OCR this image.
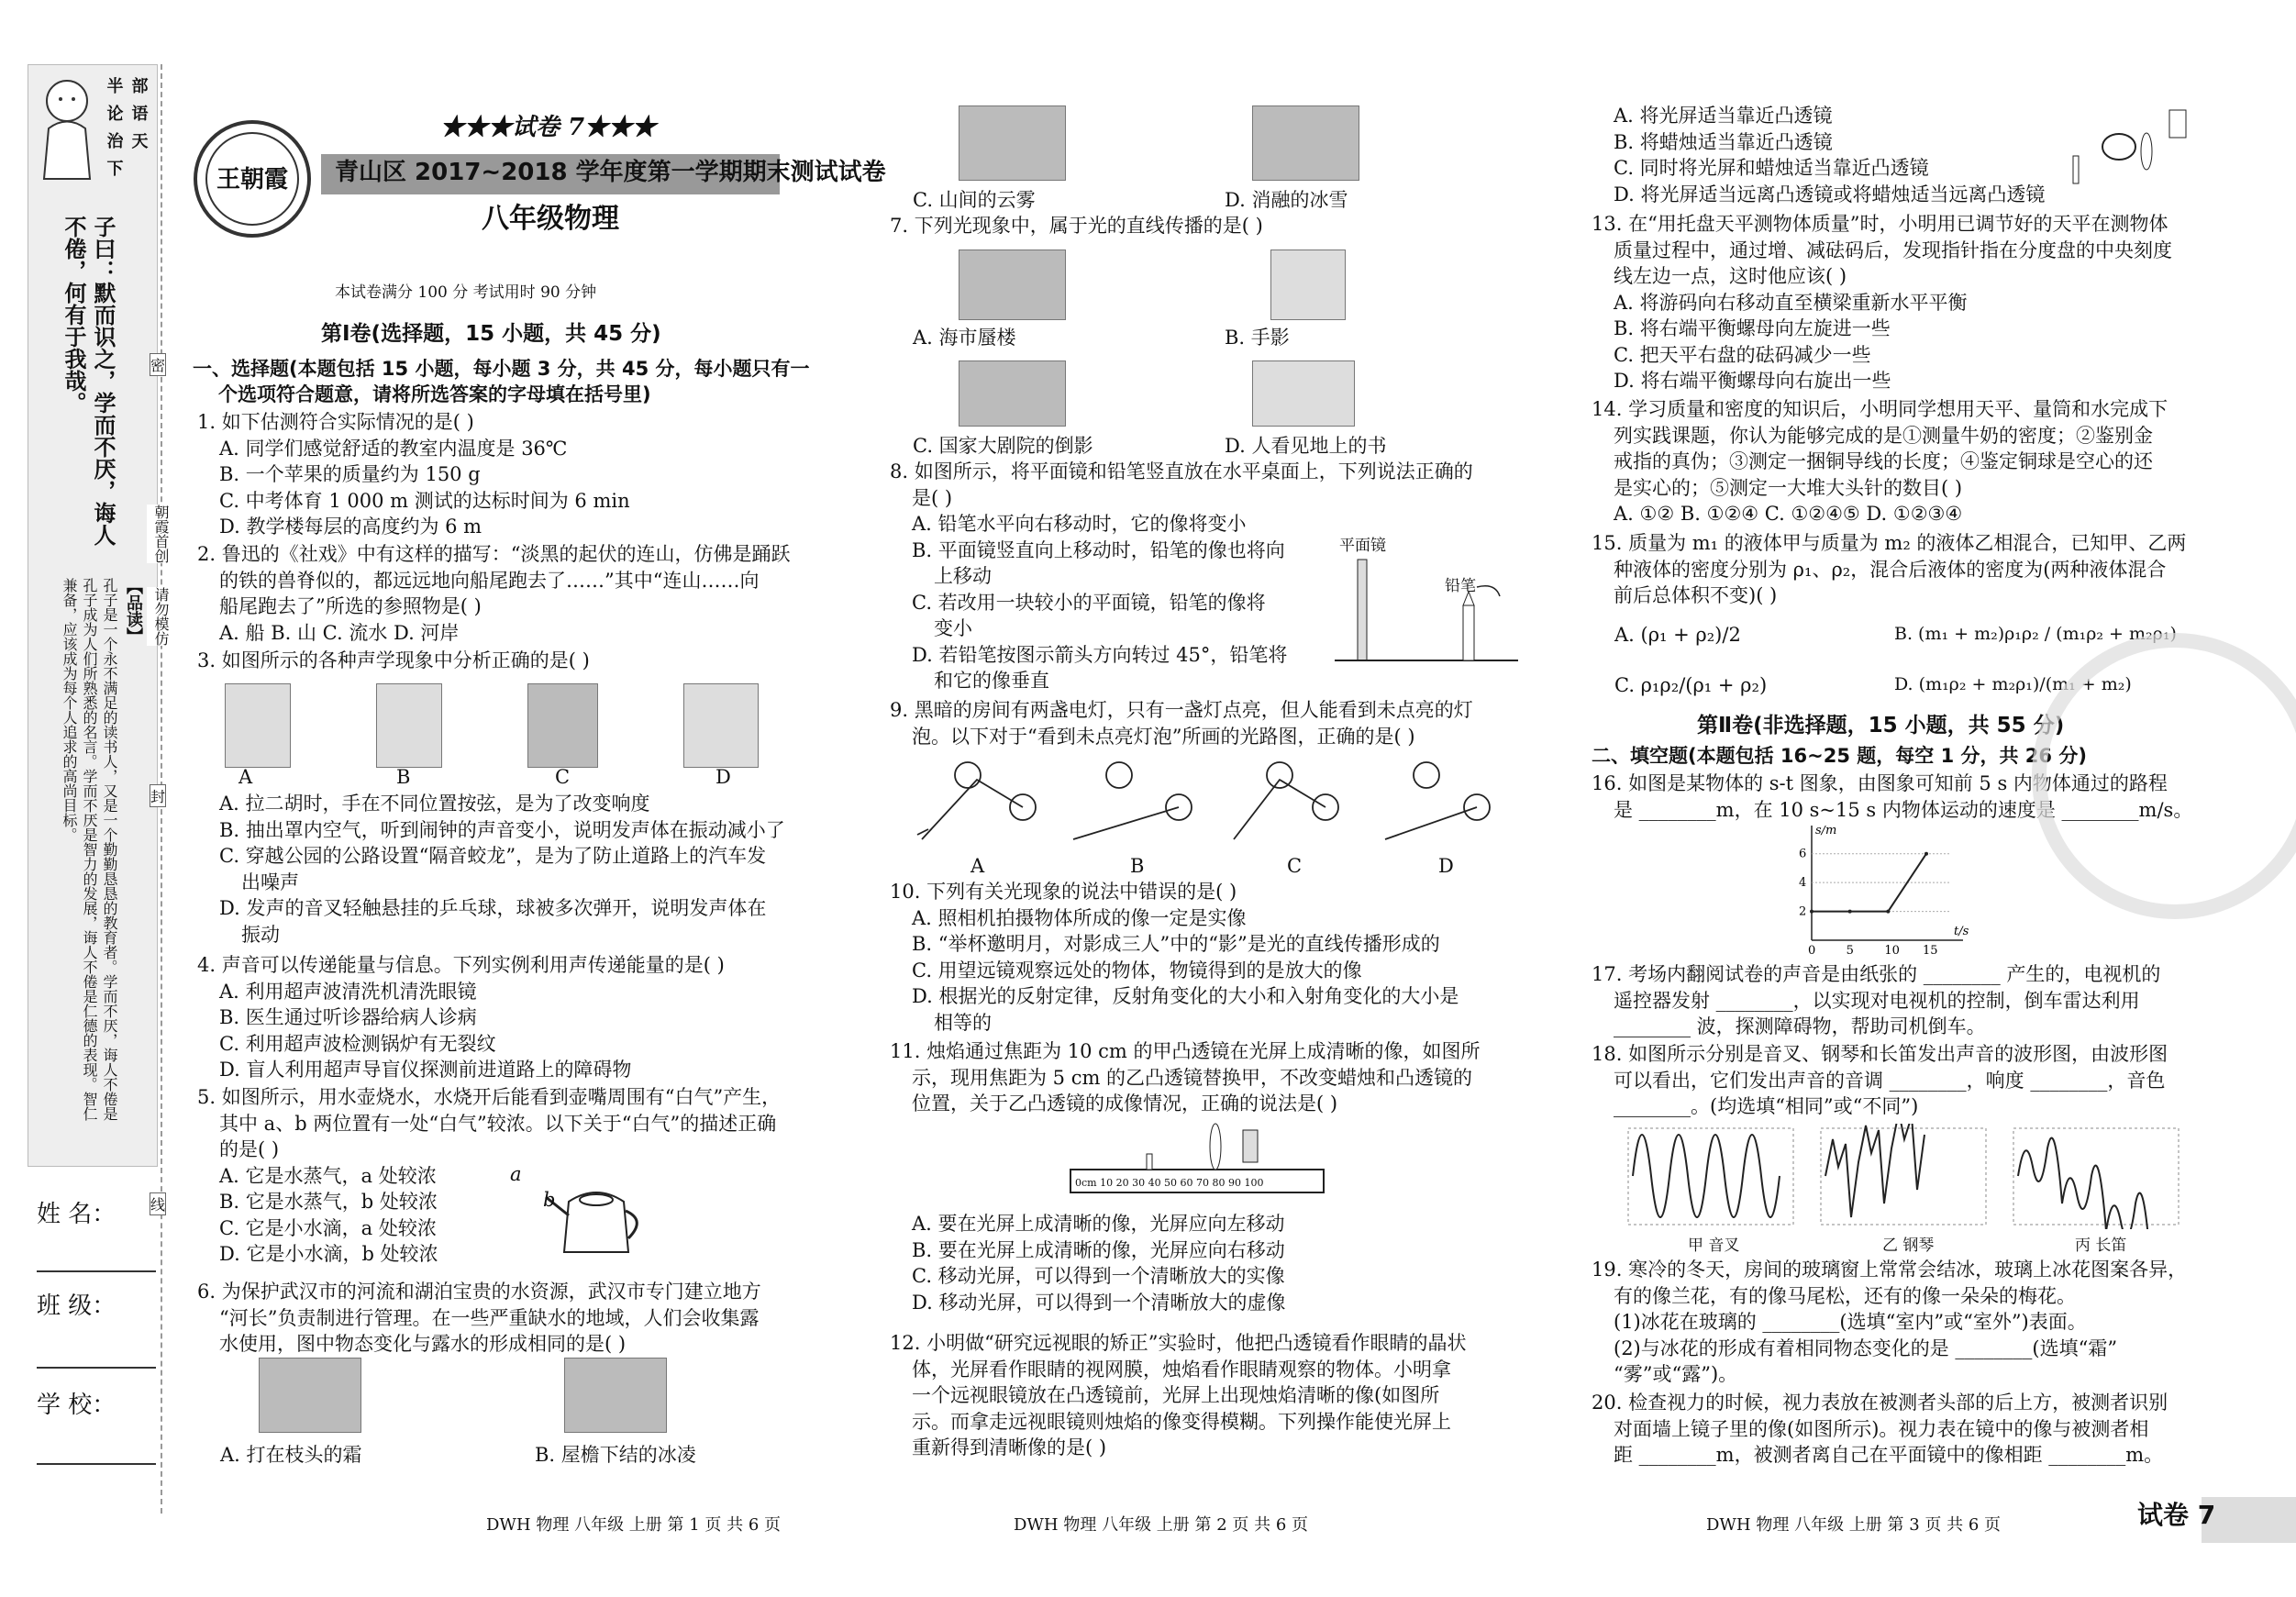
半 部
论 语
治 天
下
子曰：默而识之，学而不厌，诲人不倦，何有于我哉。
【品读】
孔子是一个永不满足的读书人，又是一个勤勤恳恳的教育者。学而不厌，诲人不倦是孔子成为人们所熟悉的名言。学而不厌是智力的发展，诲人不倦是仁德的表现。智仁兼备，应该成为每个人追求的高尚目标。
朝霞首创
请勿模仿
密
封
线
姓 名：
班 级：
学 校：
王朝霞
★★★试卷 7★★★
青山区 2017~2018 学年度第一学期期末测试试卷
八年级物理
本试卷满分 100 分 考试用时 90 分钟
第Ⅰ卷(选择题，15 小题，共 45 分)
一、选择题(本题包括 15 小题，每小题 3 分，共 45 分，每小题只有一
个选项符合题意，请将所选答案的字母填在括号里)
1. 如下估测符合实际情况的是( )
A. 同学们感觉舒适的教室内温度是 36℃
B. 一个苹果的质量约为 150 g
C. 中考体育 1 000 m 测试的达标时间为 6 min
D. 教学楼每层的高度约为 6 m
2. 鲁迅的《社戏》中有这样的描写：“淡黑的起伏的连山，仿佛是踊跃
的铁的兽脊似的，都远远地向船尾跑去了……”其中“连山……向
船尾跑去了”所选的参照物是( )
A. 船 B. 山 C. 流水 D. 河岸
3. 如图所示的各种声学现象中分析正确的是( )
A	B	C	D
A. 拉二胡时，手在不同位置按弦，是为了改变响度
B. 抽出罩内空气，听到闹钟的声音变小，说明发声体在振动减小了
C. 穿越公园的公路设置“隔音蛟龙”，是为了防止道路上的汽车发
出噪声
D. 发声的音叉轻触悬挂的乒乓球，球被多次弹开，说明发声体在
振动
4. 声音可以传递能量与信息。下列实例利用声传递能量的是( )
A. 利用超声波清洗机清洗眼镜
B. 医生通过听诊器给病人诊病
C. 利用超声波检测锅炉有无裂纹
D. 盲人利用超声导盲仪探测前进道路上的障碍物
5. 如图所示，用水壶烧水，水烧开后能看到壶嘴周围有“白气”产生，
其中 a、b 两位置有一处“白气”较浓。以下关于“白气”的描述正确
的是( )
A. 它是水蒸气，a 处较浓
B. 它是水蒸气，b 处较浓
C. 它是小水滴，a 处较浓
D. 它是小水滴，b 处较浓
a
b
6. 为保护武汉市的河流和湖泊宝贵的水资源，武汉市专门建立地方
“河长”负责制进行管理。在一些严重缺水的地域，人们会收集露
水使用，图中物态变化与露水的形成相同的是( )
A. 打在枝头的霜	B. 屋檐下结的冰凌
DWH 物理 八年级 上册 第 1 页 共 6 页
C. 山间的云雾	D. 消融的冰雪
7. 下列光现象中，属于光的直线传播的是( )
A. 海市蜃楼	B. 手影
C. 国家大剧院的倒影	D. 人看见地上的书
8. 如图所示，将平面镜和铅笔竖直放在水平桌面上，下列说法正确的
是( )
A. 铅笔水平向右移动时，它的像将变小
B. 平面镜竖直向上移动时，铅笔的像也将向
上移动
C. 若改用一块较小的平面镜，铅笔的像将
变小
D. 若铅笔按图示箭头方向转过 45°，铅笔将
和它的像垂直
平面镜
铅笔
9. 黑暗的房间有两盏电灯，只有一盏灯点亮，但人能看到未点亮的灯
泡。以下对于“看到未点亮灯泡”所画的光路图，正确的是( )
A	B	C	D
10. 下列有关光现象的说法中错误的是( )
A. 照相机拍摄物体所成的像一定是实像
B. “举杯邀明月，对影成三人”中的“影”是光的直线传播形成的
C. 用望远镜观察远处的物体，物镜得到的是放大的像
D. 根据光的反射定律，反射角变化的大小和入射角变化的大小是
相等的
11. 烛焰通过焦距为 10 cm 的甲凸透镜在光屏上成清晰的像，如图所
示，现用焦距为 5 cm 的乙凸透镜替换甲，不改变蜡烛和凸透镜的
位置，关于乙凸透镜的成像情况，正确的说法是( )
0cm 10 20 30 40 50 60 70 80 90 100
A. 要在光屏上成清晰的像，光屏应向左移动
B. 要在光屏上成清晰的像，光屏应向右移动
C. 移动光屏，可以得到一个清晰放大的实像
D. 移动光屏，可以得到一个清晰放大的虚像
12. 小明做“研究远视眼的矫正”实验时，他把凸透镜看作眼睛的晶状
体，光屏看作眼睛的视网膜，烛焰看作眼睛观察的物体。小明拿
一个远视眼镜放在凸透镜前，光屏上出现烛焰清晰的像(如图所
示。而拿走远视眼镜则烛焰的像变得模糊。下列操作能使光屏上
重新得到清晰像的是( )
DWH 物理 八年级 上册 第 2 页 共 6 页
A. 将光屏适当靠近凸透镜
B. 将蜡烛适当靠近凸透镜
C. 同时将光屏和蜡烛适当靠近凸透镜
D. 将光屏适当远离凸透镜或将蜡烛适当远离凸透镜
13. 在“用托盘天平测物体质量”时，小明用已调节好的天平在测物体
质量过程中，通过增、减砝码后，发现指针指在分度盘的中央刻度
线左边一点，这时他应该( )
A. 将游码向右移动直至横梁重新水平平衡
B. 将右端平衡螺母向左旋进一些
C. 把天平右盘的砝码减少一些
D. 将右端平衡螺母向右旋出一些
14. 学习质量和密度的知识后，小明同学想用天平、量筒和水完成下
列实践课题，你认为能够完成的是①测量牛奶的密度；②鉴别金
戒指的真伪；③测定一捆铜导线的长度；④鉴定铜球是空心的还
是实心的；⑤测定一大堆大头针的数目( )
A. ①② B. ①②④ C. ①②④⑤ D. ①②③④
15. 质量为 m₁ 的液体甲与质量为 m₂ 的液体乙相混合，已知甲、乙两
种液体的密度分别为 ρ₁、ρ₂，混合后液体的密度为(两种液体混合
前后总体积不变)( )
A. (ρ₁ + ρ₂)/2	B. (m₁ + m₂)ρ₁ρ₂ / (m₁ρ₂ + m₂ρ₁)
C. ρ₁ρ₂/(ρ₁ + ρ₂)	D. (m₁ρ₂ + m₂ρ₁)/(m₁ + m₂)
第Ⅱ卷(非选择题，15 小题，共 55 分)
二、填空题(本题包括 16~25 题，每空 1 分，共 26 分)
16. 如图是某物体的 s-t 图象，由图象可知前 5 s 内物体通过的路程
是 ________m，在 10 s~15 s 内物体运动的速度是 ________m/s。
t/s
s/m
0	5	10 15
2
4
6
17. 考场内翻阅试卷的声音是由纸张的 ________ 产生的，电视机的
遥控器发射 ________，以实现对电视机的控制，倒车雷达利用
________ 波，探测障碍物，帮助司机倒车。
18. 如图所示分别是音叉、钢琴和长笛发出声音的波形图，由波形图
可以看出，它们发出声音的音调 ________，响度 ________，音色
________。(均选填“相同”或“不同”)
甲 音叉	乙 钢琴	丙 长笛
19. 寒冷的冬天，房间的玻璃窗上常常会结冰，玻璃上冰花图案各异，
有的像兰花，有的像马尾松，还有的像一朵朵的梅花。
(1)冰花在玻璃的 ________(选填“室内”或“室外”)表面。
(2)与冰花的形成有着相同物态变化的是 ________(选填“霜”
“雾”或“露”)。
20. 检查视力的时候，视力表放在被测者头部的后上方，被测者识别
对面墙上镜子里的像(如图所示)。视力表在镜中的像与被测者相
距 ________m，被测者离自己在平面镜中的像相距 ________m。
DWH 物理 八年级 上册 第 3 页 共 6 页	试卷 7
